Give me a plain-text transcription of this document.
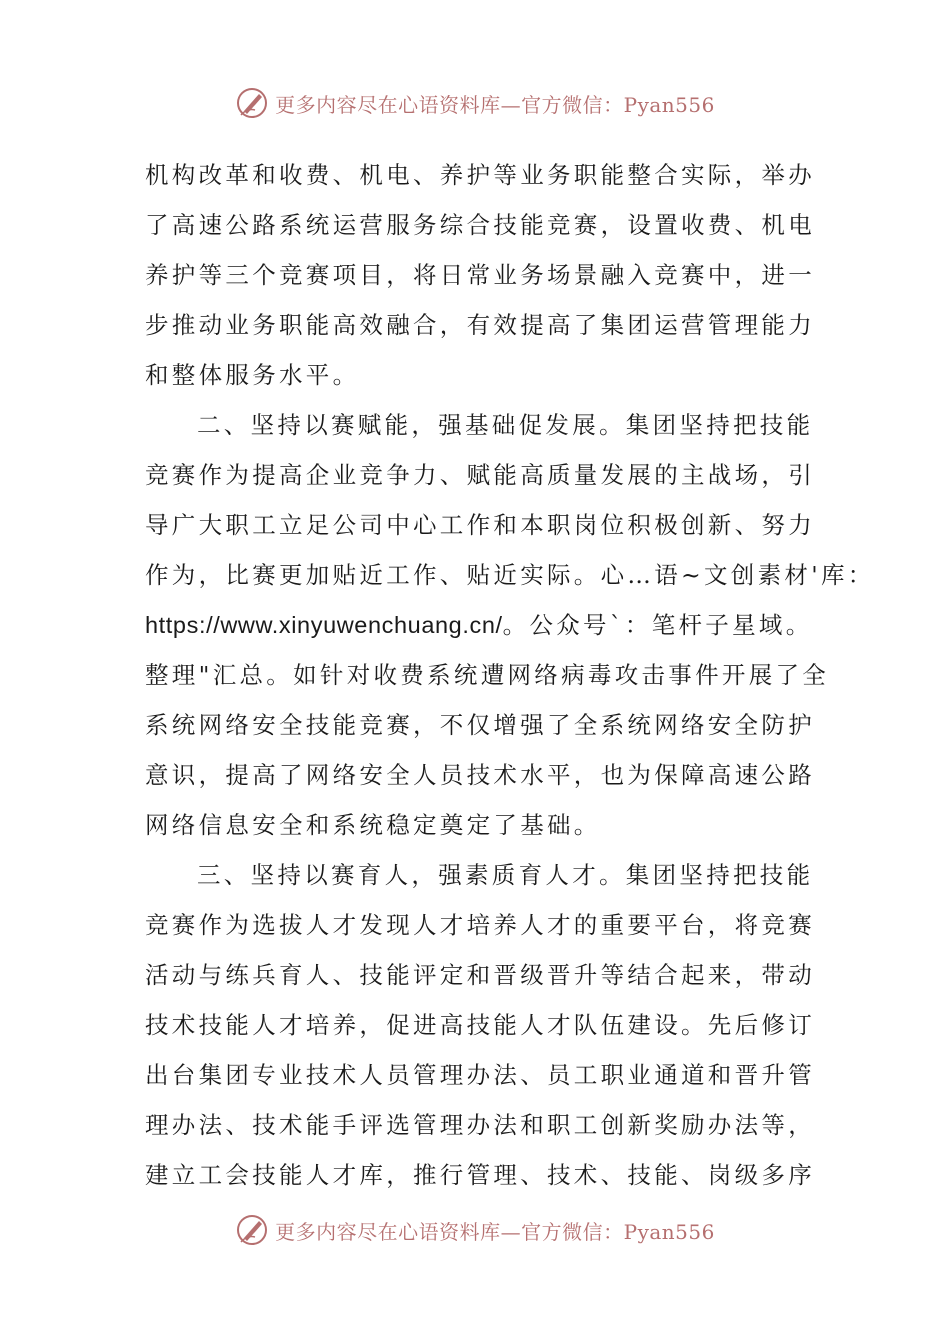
更多内容尽在心语资料库—官方微信：Pyan556
机构改革和收费、机电、养护等业务职能整合实际，举办
了高速公路系统运营服务综合技能竞赛，设置收费、机电
养护等三个竞赛项目，将日常业务场景融入竞赛中，进一
步推动业务职能高效融合，有效提高了集团运营管理能力
和整体服务水平。
二、坚持以赛赋能，强基础促发展。集团坚持把技能
竞赛作为提高企业竞争力、赋能高质量发展的主战场，引
导广大职工立足公司中心工作和本职岗位积极创新、努力
作为，比赛更加贴近工作、贴近实际。心…语~文创素材'库：
https://www.xinyuwenchuang.cn/。公众号`：笔杆子星域。
整理"汇总。如针对收费系统遭网络病毒攻击事件开展了全
系统网络安全技能竞赛，不仅增强了全系统网络安全防护
意识，提高了网络安全人员技术水平，也为保障高速公路
网络信息安全和系统稳定奠定了基础。
三、坚持以赛育人，强素质育人才。集团坚持把技能
竞赛作为选拔人才发现人才培养人才的重要平台，将竞赛
活动与练兵育人、技能评定和晋级晋升等结合起来，带动
技术技能人才培养，促进高技能人才队伍建设。先后修订
出台集团专业技术人员管理办法、员工职业通道和晋升管
理办法、技术能手评选管理办法和职工创新奖励办法等，
建立工会技能人才库，推行管理、技术、技能、岗级多序
更多内容尽在心语资料库—官方微信：Pyan556
